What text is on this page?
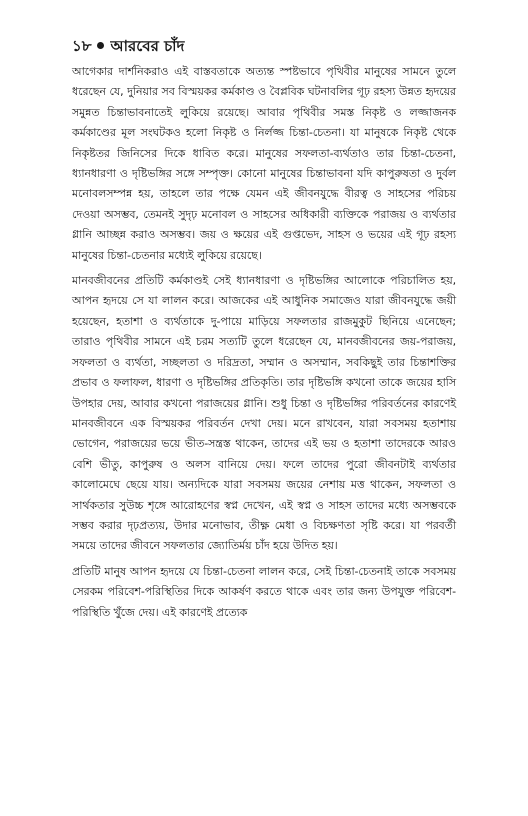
১৮ আরবের চাঁদ

আগেকার দার্শনিকরাও এই বাস্তবতাকে অত্যন্ত স্পষ্টভাবে পৃথিবীর মানুষের সামনে তুলে ধরেছেন যে, দুনিয়ার সব বিস্ময়কর কর্মকাণ্ড ও বৈপ্লবিক ঘটনাবলির গূঢ় রহস্য উন্নত হৃদয়ের সমুন্নত চিন্তাভাবনাতেই লুকিয়ে রয়েছে। আবার পৃথিবীর সমস্ত নিকৃষ্ট ও লজ্জাজনক কর্মকাণ্ডের মূল সংঘটকও হলো নিকৃষ্ট ও নির্লজ্জ চিন্তা-চেতনা। যা মানুষকে নিকৃষ্ট থেকে নিকৃষ্টতর জিনিসের দিকে ধাবিত করে। মানুষের সফলতা-ব্যর্থতাও তার চিন্তা-চেতনা, ধ্যানধারণা ও দৃষ্টিভঙ্গির সঙ্গে সম্পৃক্ত। কোনো মানুষের চিন্তাভাবনা যদি কাপুরুষতা ও দুর্বল মনোবলসম্পন্ন হয়, তাহলে তার পক্ষে যেমন এই জীবনযুদ্ধে বীরত্ব ও সাহসের পরিচয় দেওয়া অসম্ভব, তেমনই সুদৃঢ় মনোবল ও সাহসের অধিকারী ব্যক্তিকে পরাজয় ও ব্যর্থতার গ্লানি আচ্ছন্ন করাও অসম্ভব। জয় ও ক্ষয়ের এই গুপ্তভেদ, সাহস ও ভয়ের এই গূঢ় রহস্য মানুষের চিন্তা-চেতনার মধ্যেই লুকিয়ে রয়েছে।

মানবজীবনের প্রতিটি কর্মকাণ্ডই সেই ধ্যানধারণা ও দৃষ্টিভঙ্গির আলোকে পরিচালিত হয়, আপন হৃদয়ে সে যা লালন করে। আজকের এই আধুনিক সমাজেও যারা জীবনযুদ্ধে জয়ী হয়েছেন, হতাশা ও ব্যর্থতাকে দু-পায়ে মাড়িয়ে সফলতার রাজমুকুট ছিনিয়ে এনেছেন; তারাও পৃথিবীর সামনে এই চরম সত্যটি তুলে ধরেছেন যে, মানবজীবনের জয়-পরাজয়, সফলতা ও ব্যর্থতা, সচ্ছলতা ও দরিদ্রতা, সম্মান ও অসম্মান, সবকিছুই তার চিন্তাশক্তির প্রভাব ও ফলাফল, ধারণা ও দৃষ্টিভঙ্গির প্রতিকৃতি। তার দৃষ্টিভঙ্গি কখনো তাকে জয়ের হাসি উপহার দেয়, আবার কখনো পরাজয়ের গ্লানি। শুধু চিন্তা ও দৃষ্টিভঙ্গির পরিবর্তনের কারণেই মানবজীবনে এক বিস্ময়কর পরিবর্তন দেখা দেয়। মনে রাখবেন, যারা সবসময় হতাশায় ভোগেন, পরাজয়ের ভয়ে ভীত-সন্ত্রস্ত থাকেন, তাদের এই ভয় ও হতাশা তাদেরকে আরও বেশি ভীতু, কাপুরুষ ও অলস বানিয়ে দেয়। ফলে তাদের পুরো জীবনটাই ব্যর্থতার কালোমেঘে ছেয়ে যায়। অন্যদিকে যারা সবসময় জয়ের নেশায় মত্ত থাকেন, সফলতা ও সার্থকতার সুউচ্চ শৃঙ্গে আরোহণের স্বপ্ন দেখেন, এই স্বপ্ন ও সাহস তাদের মধ্যে অসম্ভবকে সম্ভব করার দৃঢ়প্রত্যয়, উদার মনোভাব, তীক্ষ্ণ মেধা ও বিচক্ষণতা সৃষ্টি করে। যা পরবর্তী সময়ে তাদের জীবনে সফলতার জ্যোতির্ময় চাঁদ হয়ে উদিত হয়।

প্রতিটি মানুষ আপন হৃদয়ে যে চিন্তা-চেতনা লালন করে, সেই চিন্তা-চেতনাই তাকে সবসময় সেরকম পরিবেশ-পরিস্থিতির দিকে আকর্ষণ করতে থাকে এবং তার জন্য উপযুক্ত পরিবেশ-পরিস্থিতি খুঁজে দেয়। এই কারণেই প্রত্যেক
